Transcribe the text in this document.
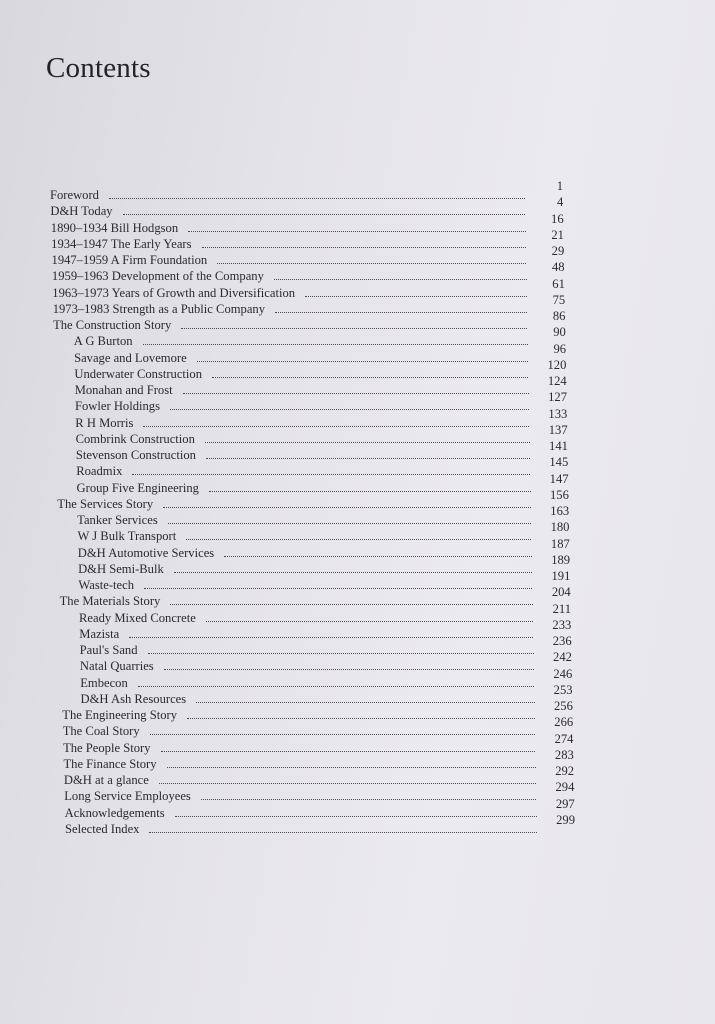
Contents
Foreword
1
D&H Today
4
1890–1934 Bill Hodgson
16
1934–1947 The Early Years
21
1947–1959 A Firm Foundation
29
1959–1963 Development of the Company
48
1963–1973 Years of Growth and Diversification
61
1973–1983 Strength as a Public Company
75
The Construction Story
86
A G Burton
90
Savage and Lovemore
96
Underwater Construction
120
Monahan and Frost
124
Fowler Holdings
127
R H Morris
133
Combrink Construction
137
Stevenson Construction
141
Roadmix
145
Group Five Engineering
147
The Services Story
156
Tanker Services
163
W J Bulk Transport
180
D&H Automotive Services
187
D&H Semi-Bulk
189
Waste-tech
191
The Materials Story
204
Ready Mixed Concrete
211
Mazista
233
Paul's Sand
236
Natal Quarries
242
Embecon
246
D&H Ash Resources
253
The Engineering Story
256
The Coal Story
266
The People Story
274
The Finance Story
283
D&H at a glance
292
Long Service Employees
294
Acknowledgements
297
Selected Index
299
